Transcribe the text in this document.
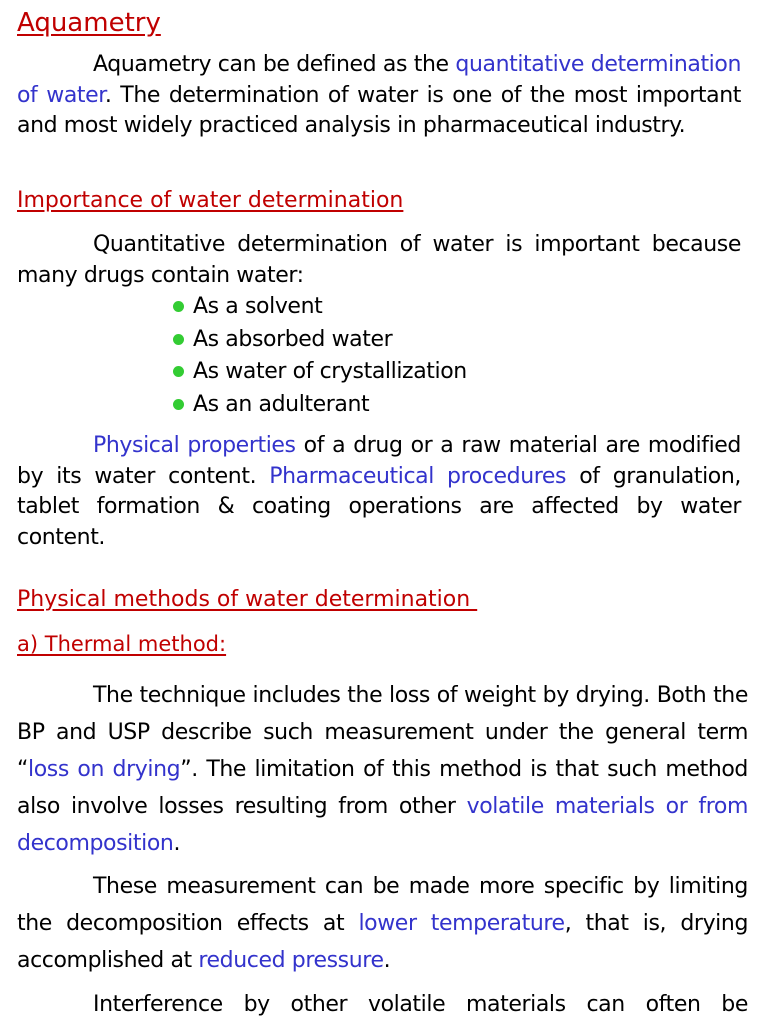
Aquametry

Aquametry can be defined as the quantitative determination of water. The determination of water is one of the most important and most widely practiced analysis in pharmaceutical industry.

Importance of water determination

Quantitative determination of water is important because many drugs contain water:

As a solvent
As absorbed water
As water of crystallization
As an adulterant

Physical properties of a drug or a raw material are modified by its water content. Pharmaceutical procedures of granulation, tablet formation & coating operations are affected by water content.

Physical methods of water determination
a) Thermal method:

The technique includes the loss of weight by drying. Both the BP and USP describe such measurement under the general term “loss on drying”. The limitation of this method is that such method also involve losses resulting from other volatile materials or from decomposition.

These measurement can be made more specific by limiting the decomposition effects at lower temperature, that is, drying accomplished at reduced pressure.

Interference by other volatile materials can often be
